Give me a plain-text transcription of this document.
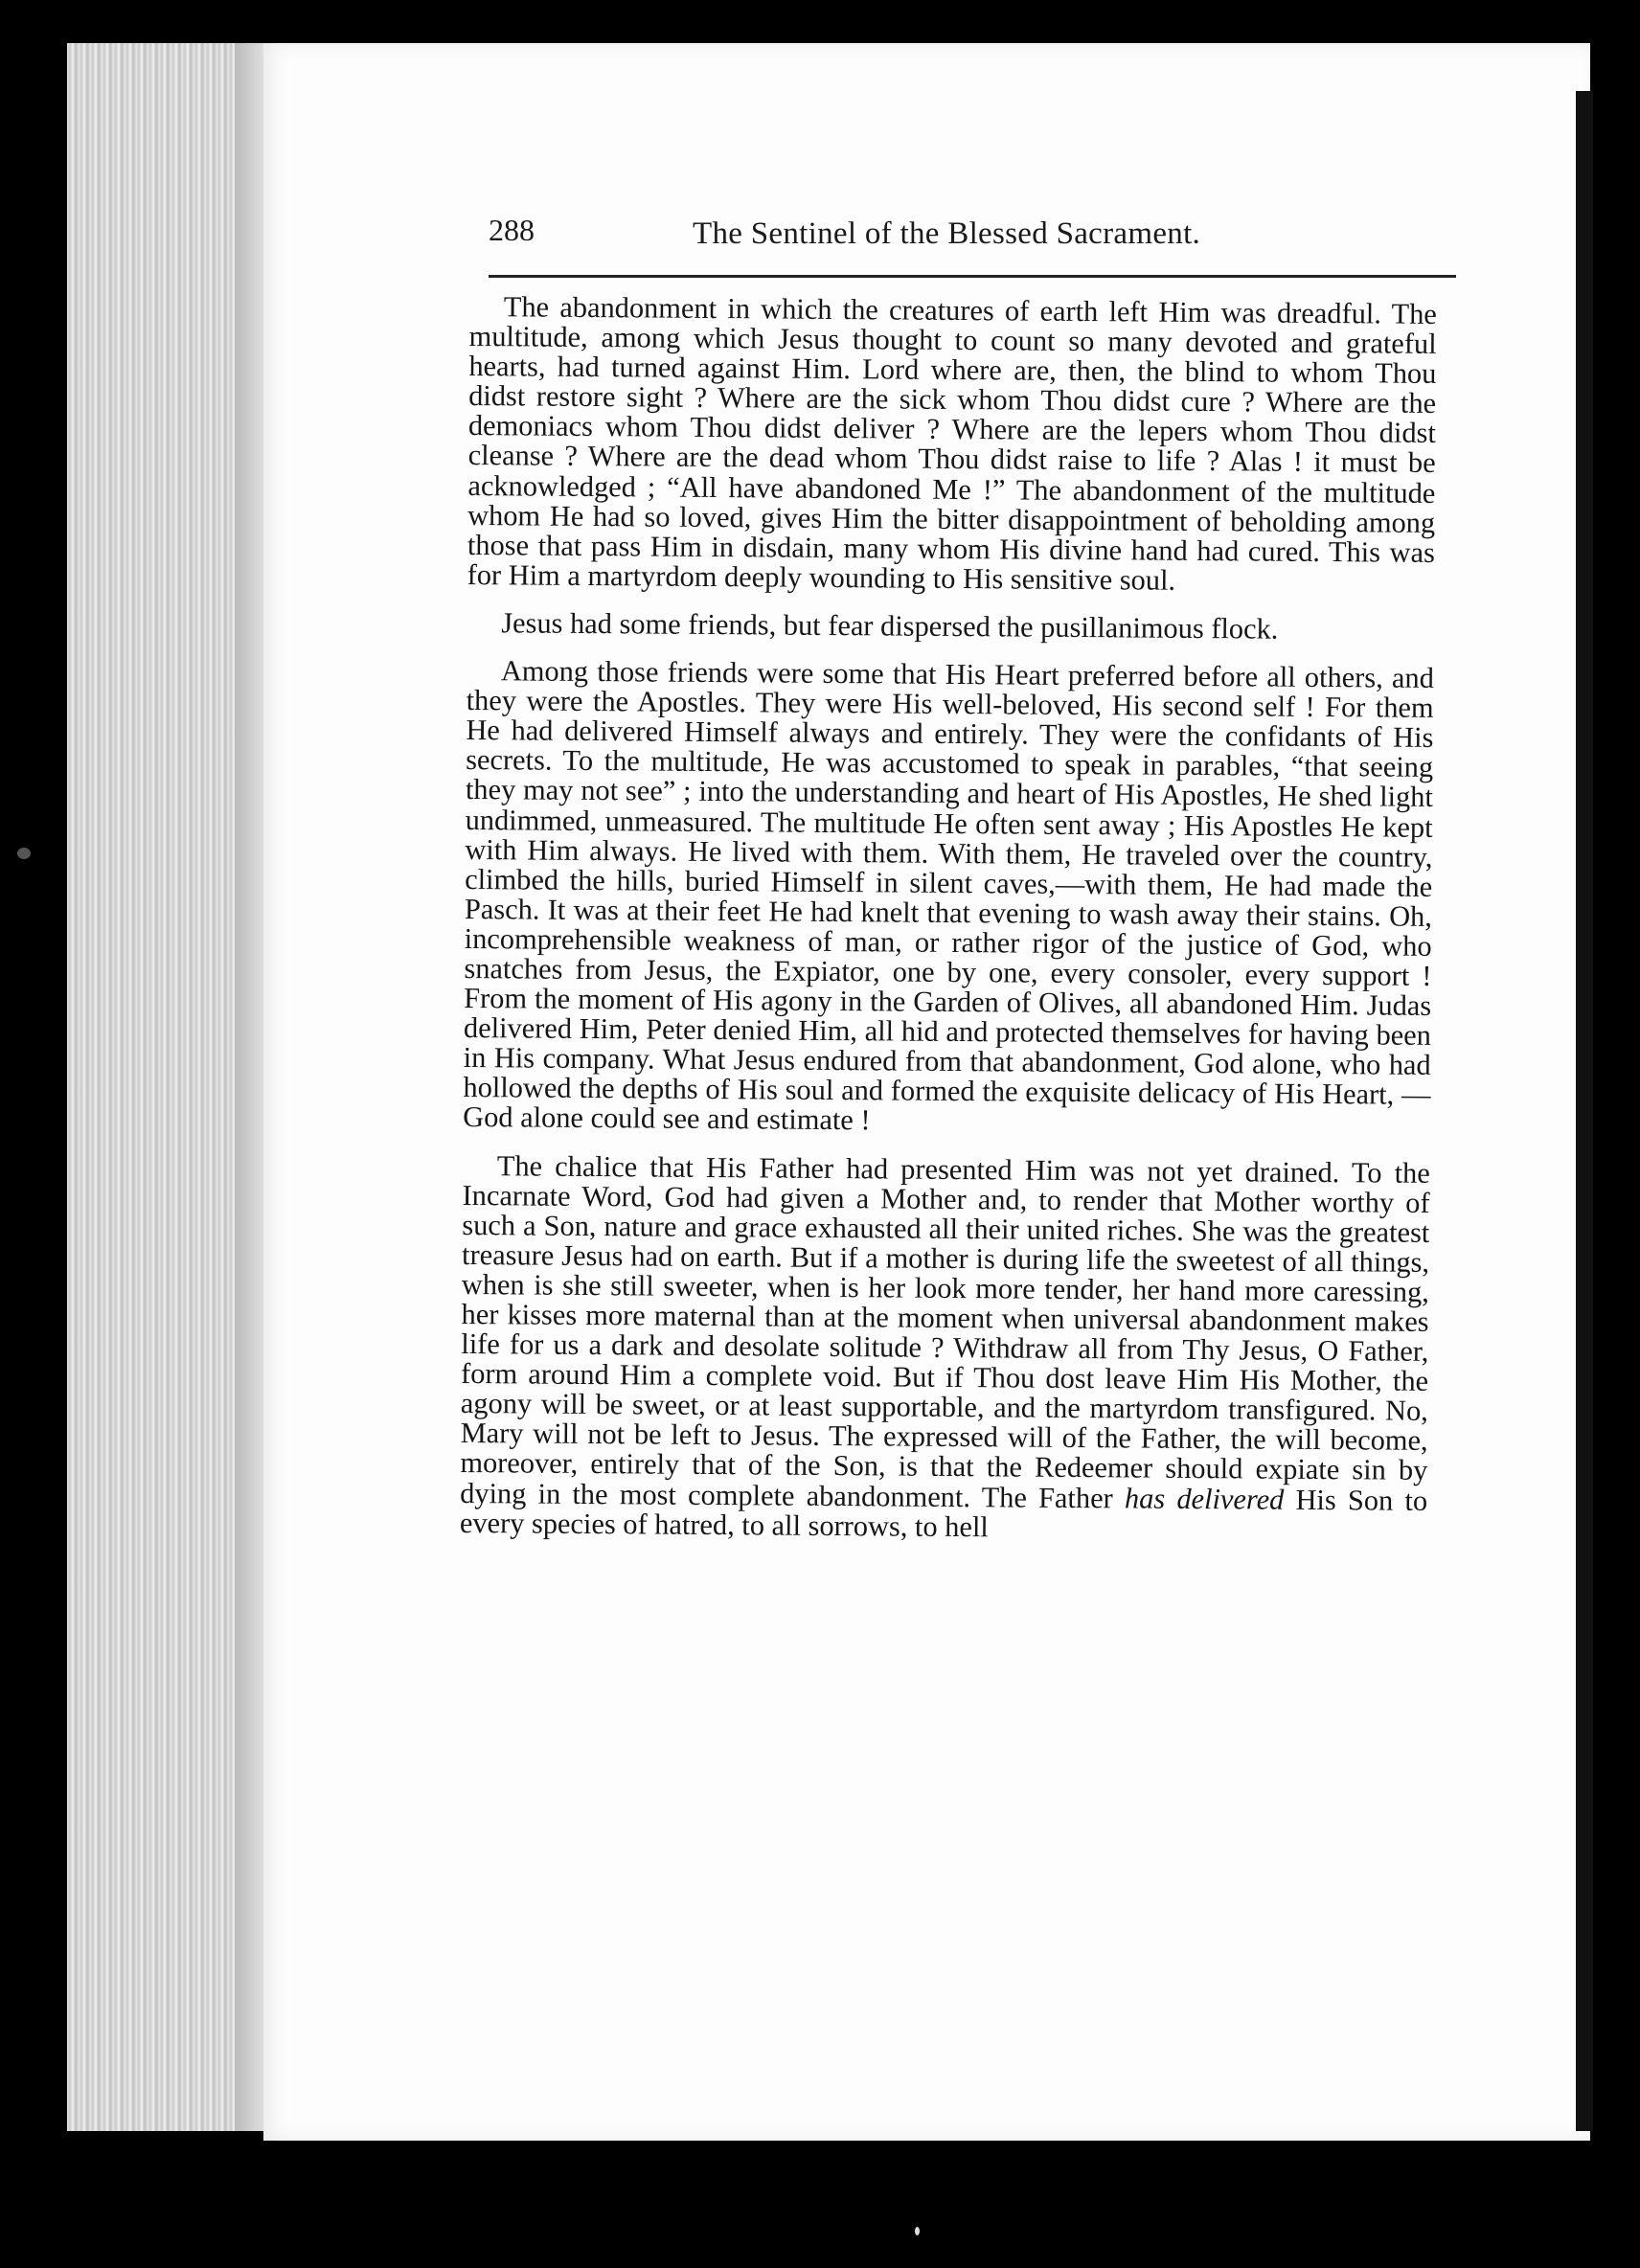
288	The Sentinel of the Blessed Sacrament.

The abandonment in which the creatures of earth left Him was dreadful. The multitude, among which Jesus thought to count so many devoted and grateful hearts, had turned against Him. Lord where are, then, the blind to whom Thou didst restore sight ? Where are the sick whom Thou didst cure ? Where are the demoniacs whom Thou didst deliver ? Where are the lepers whom Thou didst cleanse ? Where are the dead whom Thou didst raise to life ? Alas ! it must be acknowledged ; “All have abandoned Me !” The abandonment of the multitude whom He had so loved, gives Him the bitter disappointment of beholding among those that pass Him in disdain, many whom His divine hand had cured. This was for Him a martyrdom deeply wounding to His sensitive soul.

Jesus had some friends, but fear dispersed the pusillanimous flock.

Among those friends were some that His Heart preferred before all others, and they were the Apostles. They were His well-beloved, His second self ! For them He had delivered Himself always and entirely. They were the confidants of His secrets. To the multitude, He was accustomed to speak in parables, “that seeing they may not see” ; into the understanding and heart of His Apostles, He shed light undimmed, unmeasured. The multitude He often sent away ; His Apostles He kept with Him always. He lived with them. With them, He traveled over the country, climbed the hills, buried Himself in silent caves,—with them, He had made the Pasch. It was at their feet He had knelt that evening to wash away their stains. Oh, incomprehensible weakness of man, or rather rigor of the justice of God, who snatches from Jesus, the Expiator, one by one, every consoler, every support ! From the moment of His agony in the Garden of Olives, all abandoned Him. Judas delivered Him, Peter denied Him, all hid and protected themselves for having been in His company. What Jesus endured from that abandonment, God alone, who had hollowed the depths of His soul and formed the exquisite delicacy of His Heart, — God alone could see and estimate !

The chalice that His Father had presented Him was not yet drained. To the Incarnate Word, God had given a Mother and, to render that Mother worthy of such a Son, nature and grace exhausted all their united riches. She was the greatest treasure Jesus had on earth. But if a mother is during life the sweetest of all things, when is she still sweeter, when is her look more tender, her hand more caressing, her kisses more maternal than at the moment when universal abandonment makes life for us a dark and desolate solitude ? Withdraw all from Thy Jesus, O Father, form around Him a complete void. But if Thou dost leave Him His Mother, the agony will be sweet, or at least supportable, and the martyrdom transfigured. No, Mary will not be left to Jesus. The expressed will of the Father, the will become, moreover, entirely that of the Son, is that the Redeemer should expiate sin by dying in the most complete abandonment. The Father has delivered His Son to every species of hatred, to all sorrows, to hell
